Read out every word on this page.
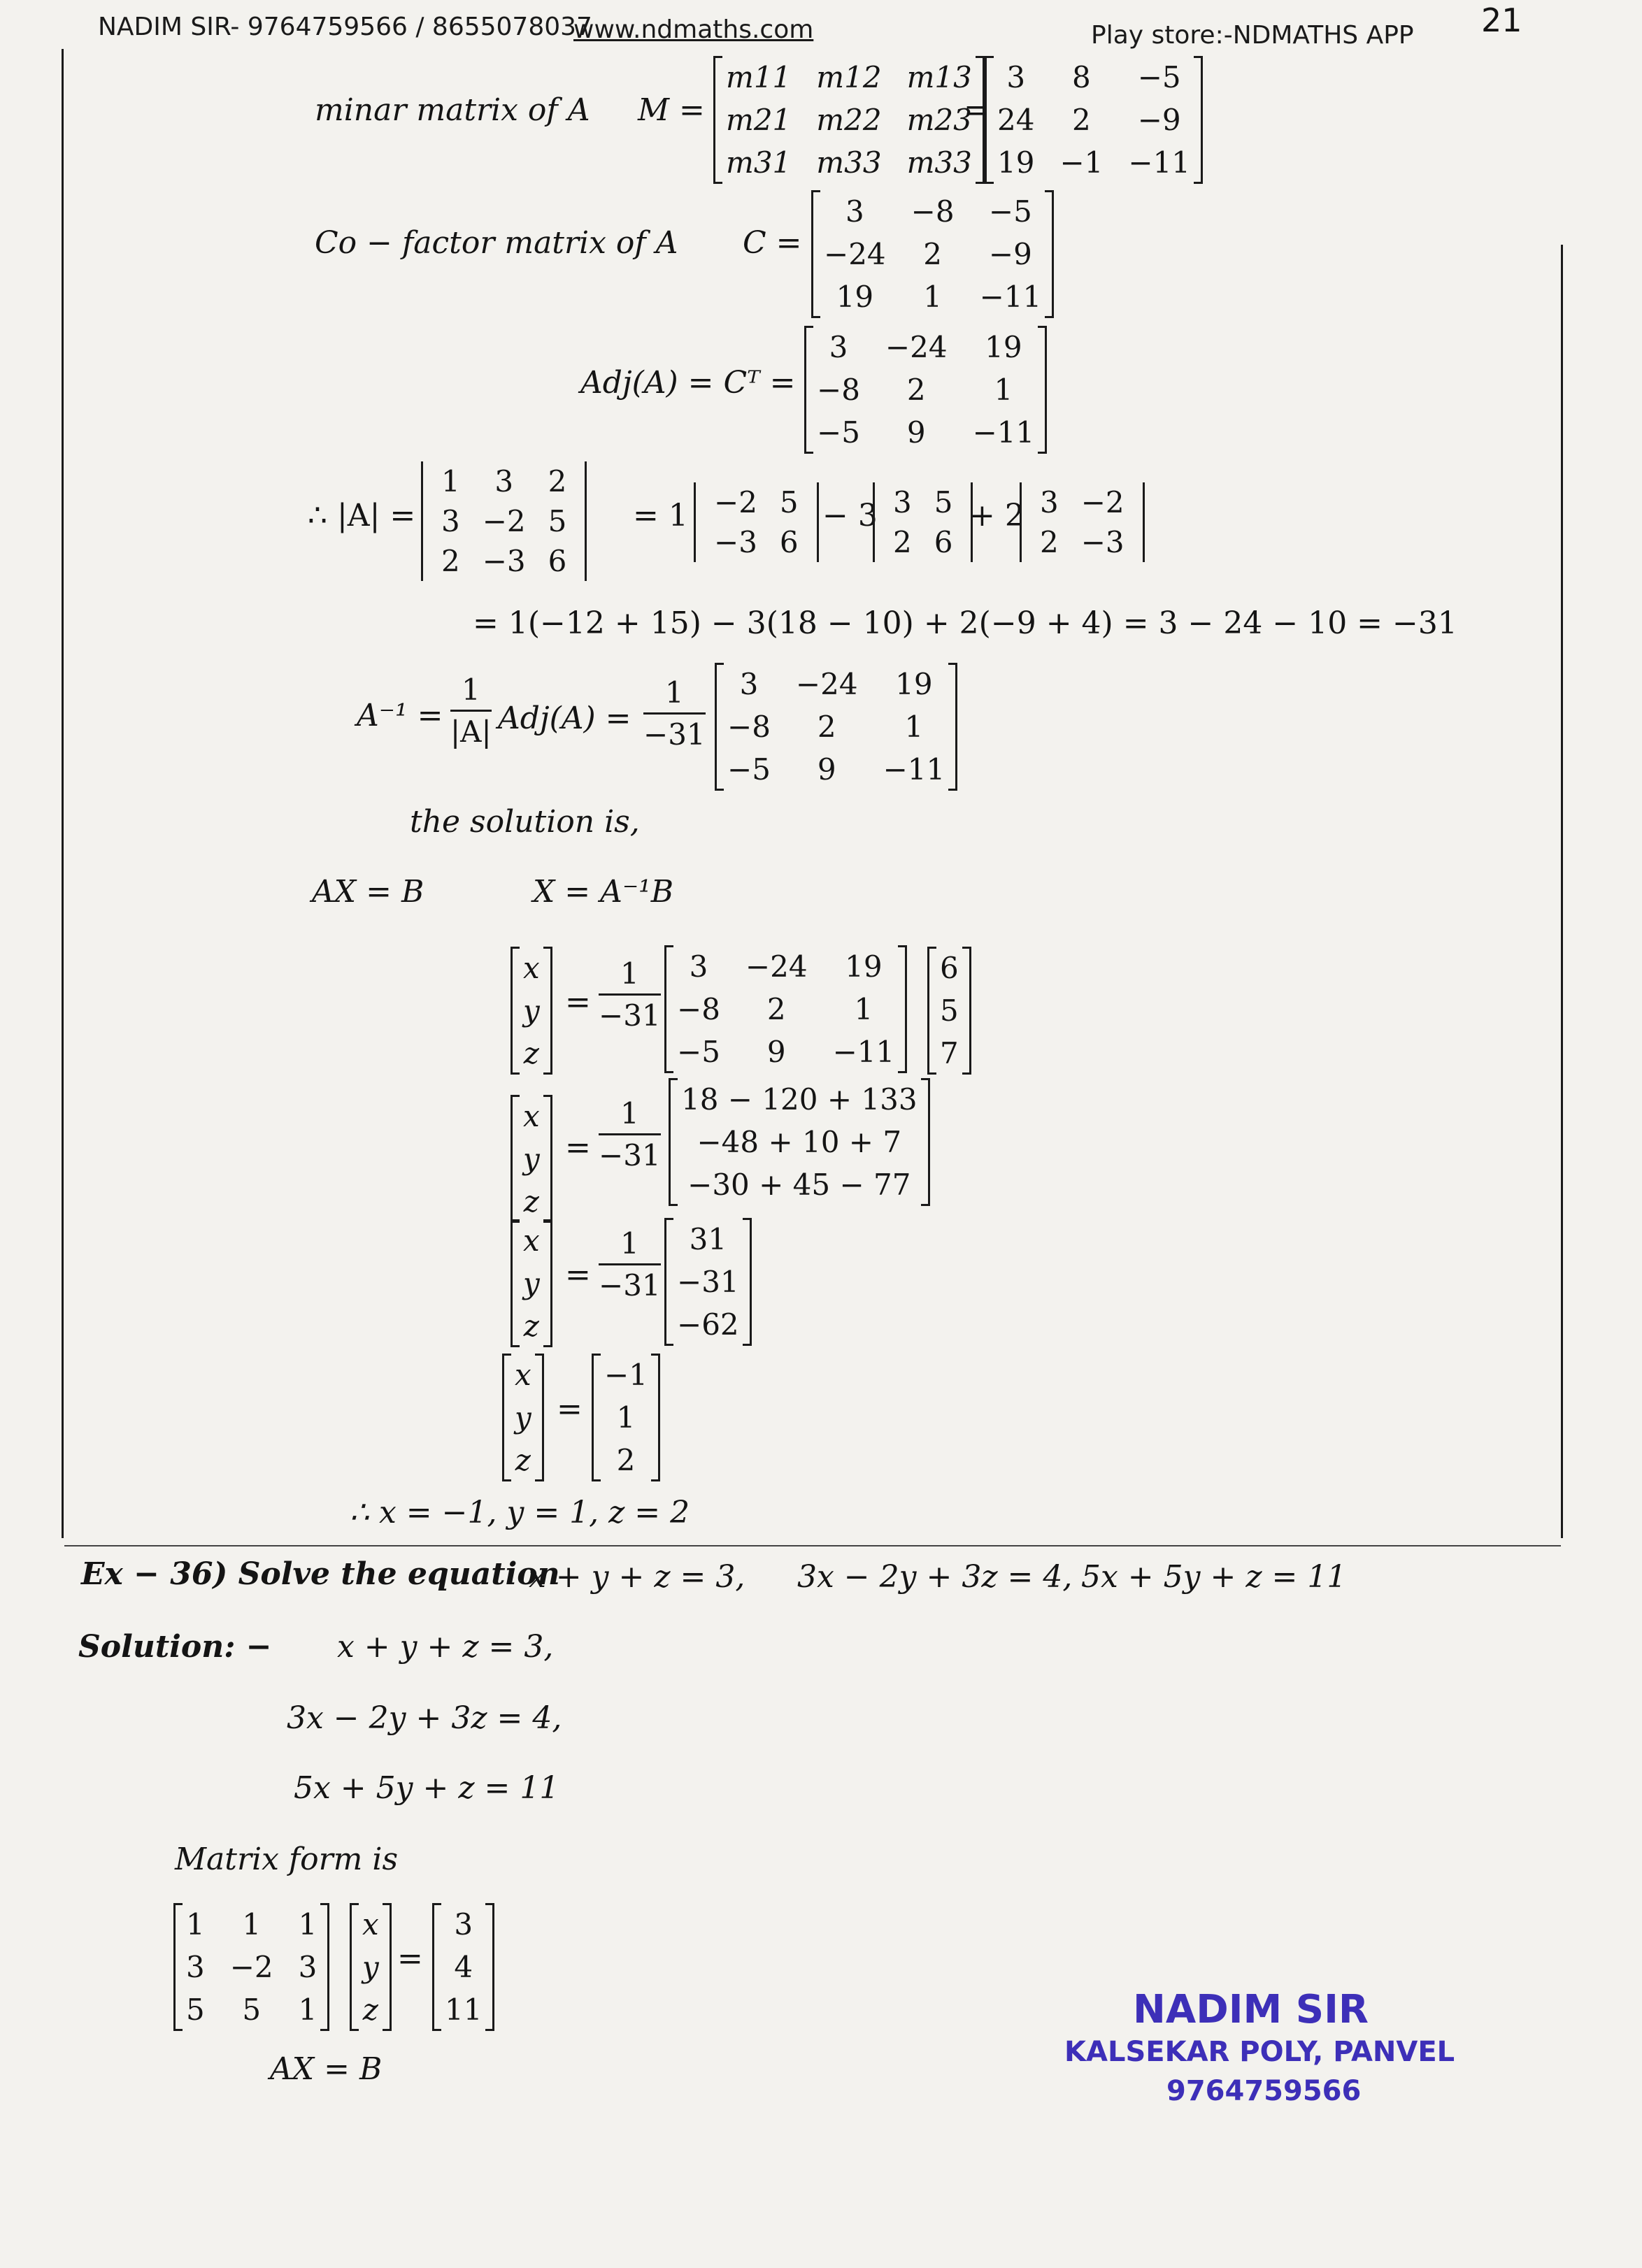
NADIM SIR- 9764759566 / 8655078037
www.ndmaths.com	Play store:-NDMATHS APP 21
minar matrix of A M =
m11	m12	m13
m21	m22	m23
m31	m33	m33
=
3	8	−5
24	2	−9
19	−1	−11
Co − factor matrix of A C =
3	−8	−5
−24	2	−9
19	1	−11
Adj(A) = Cᵀ =
3	−24	19
−8	2	1
−5	9	−11
∴ |A| =
1	3	2
3	−2	5
2	−3	6
= 1 −2	5
−3	6
− 3 3	5
2	6
+ 2 3	−2
2	−3
= 1(−12 + 15) − 3(18 − 10) + 2(−9 + 4) = 3 − 24 − 10 = −31
$A^{-1} = \frac{1}{|A|} Adj(A) = \frac{1}{-31} 3$	−24	19
−8	2	1
−5	9	−11
the solution is,
AX = B	X = A⁻¹B
x
y
z
= $\frac{1}{-31} 3$	−24	19
−8	2	1
−5	9	−11
6
5
7
x
y
z
= $\frac{1}{-31} 18 - 120 + 133$
−48 + 10 + 7
−30 + 45 − 77
x
y
z
= $\frac{1}{-31} 31$
−31
−62
x
y
z
=
−1
1
2
∴ x = −1, y = 1, z = 2
Ex − 36) Solve the equation
x + y + z = 3, 3x − 2y + 3z = 4, 5x + 5y + z = 11
Solution: − x + y + z = 3,
3x − 2y + 3z = 4,
5x + 5y + z = 11
Matrix form is
1	1	1
3	−2	3
5	5	1
x
y
z
=
3
4
11
AX = B
NADIM SIR
KALSEKAR POLY, PANVEL
9764759566
